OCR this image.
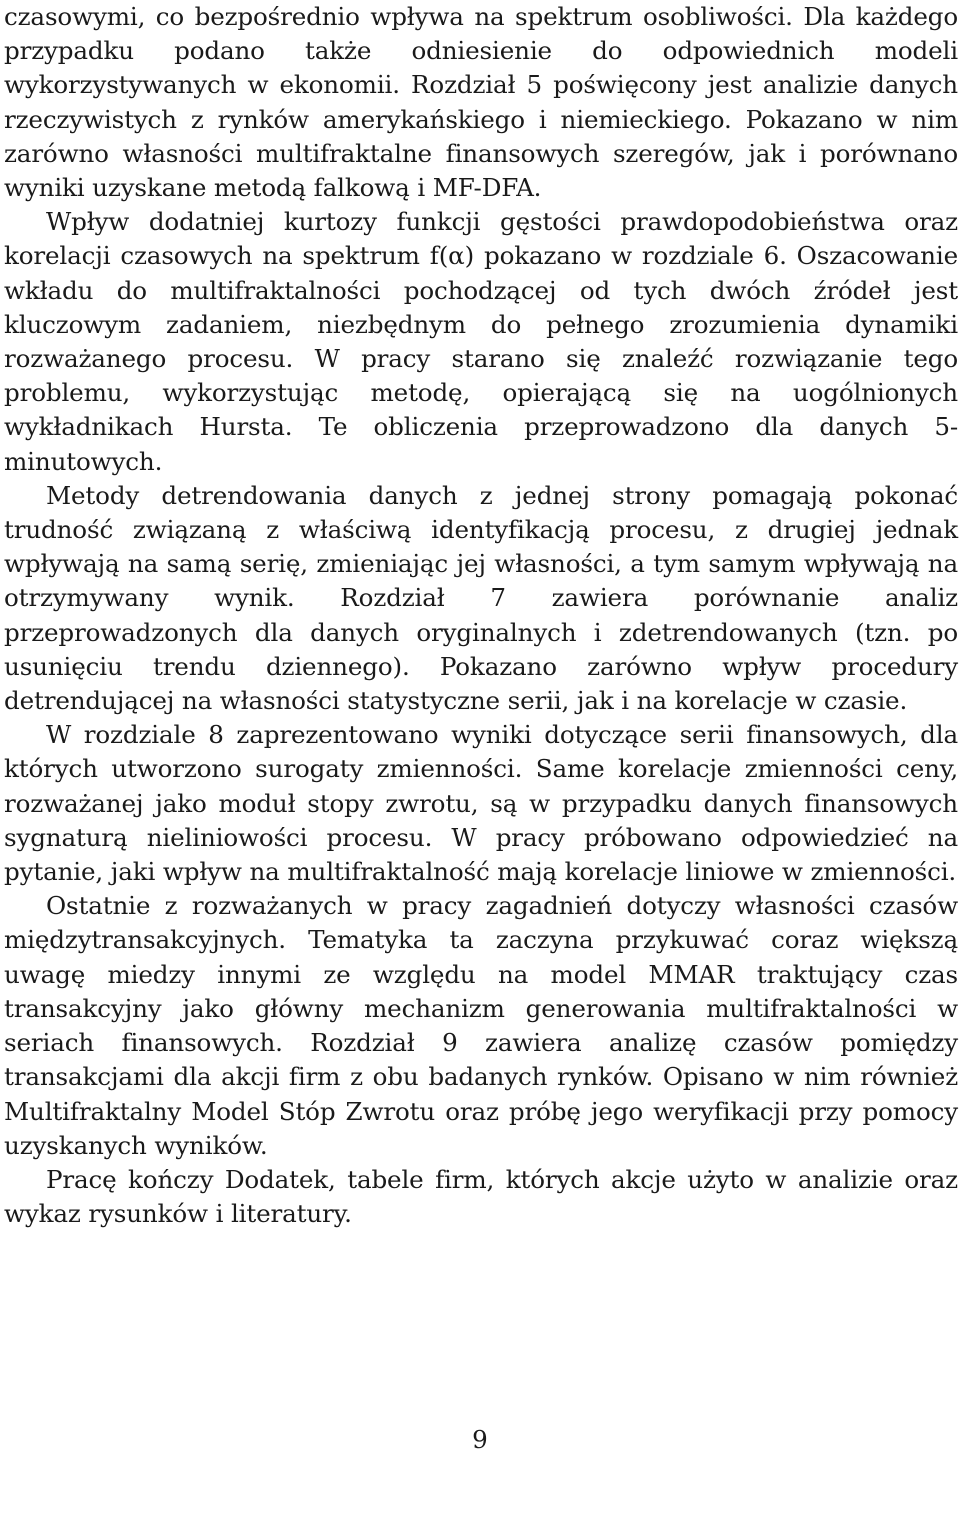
czasowymi, co bezpośrednio wpływa na spektrum osobliwości. Dla każdego przypadku podano także odniesienie do odpowiednich modeli wykorzystywanych w ekonomii. Rozdział 5 poświęcony jest analizie danych rzeczywistych z rynków amerykańskiego i niemieckiego. Pokazano w nim zarówno własności multifraktalne finansowych szeregów, jak i porównano wyniki uzyskane metodą falkową i MF-DFA.

Wpływ dodatniej kurtozy funkcji gęstości prawdopodobieństwa oraz korelacji czasowych na spektrum f(α) pokazano w rozdziale 6. Oszacowanie wkładu do multifraktalności pochodzącej od tych dwóch źródeł jest kluczowym zadaniem, niezbędnym do pełnego zrozumienia dynamiki rozważanego procesu. W pracy starano się znaleźć rozwiązanie tego problemu, wykorzystując metodę, opierającą się na uogólnionych wykładnikach Hursta. Te obliczenia przeprowadzono dla danych 5-minutowych.

Metody detrendowania danych z jednej strony pomagają pokonać trudność związaną z właściwą identyfikacją procesu, z drugiej jednak wpływają na samą serię, zmieniając jej własności, a tym samym wpływają na otrzymywany wynik. Rozdział 7 zawiera porównanie analiz przeprowadzonych dla danych oryginalnych i zdetrendowanych (tzn. po usunięciu trendu dziennego). Pokazano zarówno wpływ procedury detrendującej na własności statystyczne serii, jak i na korelacje w czasie.

W rozdziale 8 zaprezentowano wyniki dotyczące serii finansowych, dla których utworzono surogaty zmienności. Same korelacje zmienności ceny, rozważanej jako moduł stopy zwrotu, są w przypadku danych finansowych sygnaturą nieliniowości procesu. W pracy próbowano odpowiedzieć na pytanie, jaki wpływ na multifraktalność mają korelacje liniowe w zmienności.

Ostatnie z rozważanych w pracy zagadnień dotyczy własności czasów międzytransakcyjnych. Tematyka ta zaczyna przykuwać coraz większą uwagę miedzy innymi ze względu na model MMAR traktujący czas transakcyjny jako główny mechanizm generowania multifraktalności w seriach finansowych. Rozdział 9 zawiera analizę czasów pomiędzy transakcjami dla akcji firm z obu badanych rynków. Opisano w nim również Multifraktalny Model Stóp Zwrotu oraz próbę jego weryfikacji przy pomocy uzyskanych wyników.

Pracę kończy Dodatek, tabele firm, których akcje użyto w analizie oraz wykaz rysunków i literatury.

9
